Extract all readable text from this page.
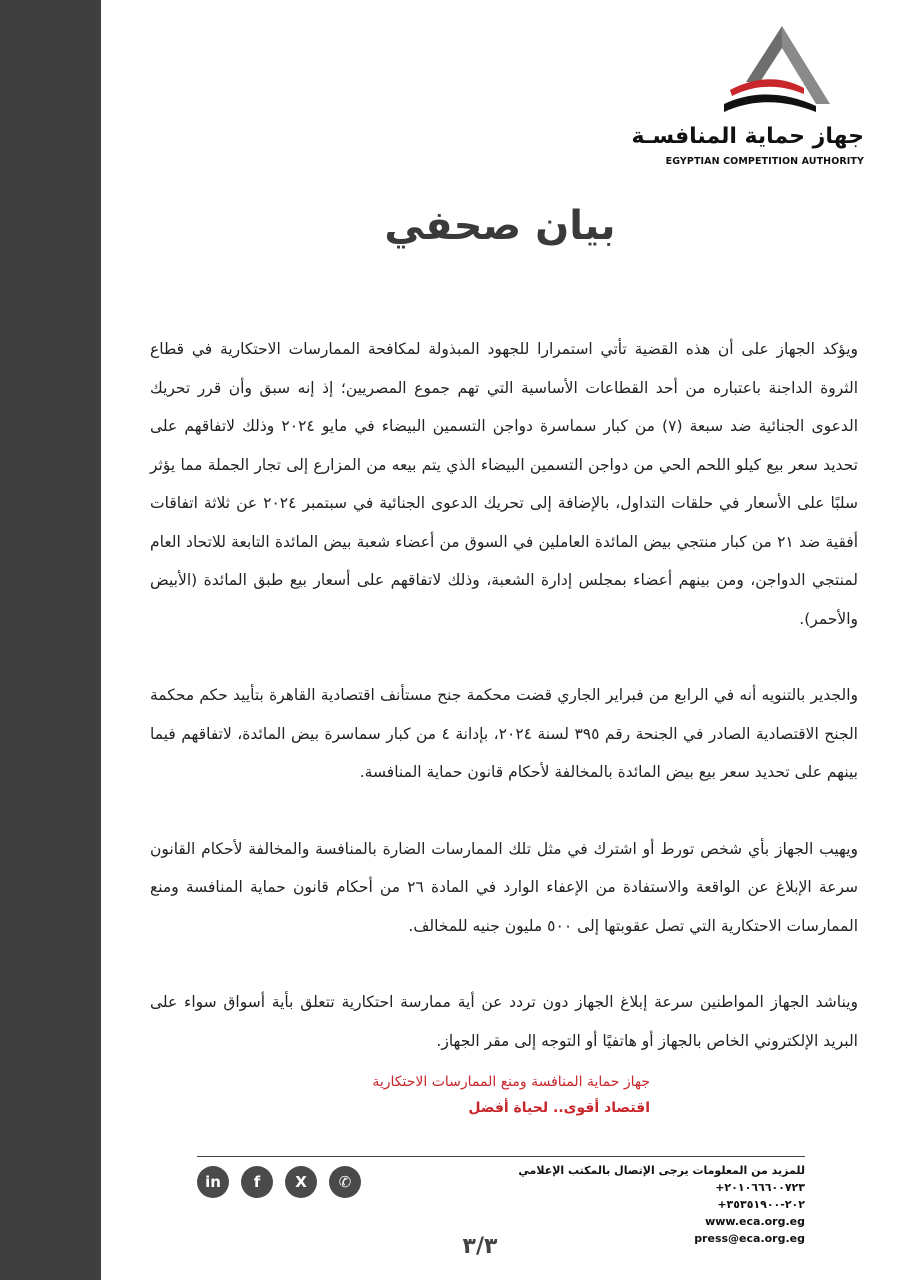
جهاز حماية المنافسـة
EGYPTIAN COMPETITION AUTHORITY
بيان صحفي

ويؤكد الجهاز على أن هذه القضية تأتي استمرارا للجهود المبذولة لمكافحة الممارسات الاحتكارية في قطاع الثروة الداجنة باعتباره من أحد القطاعات الأساسية التي تهم جموع المصريين؛ إذ إنه سبق وأن قرر تحريك الدعوى الجنائية ضد سبعة (٧) من كبار سماسرة دواجن التسمين البيضاء في مايو ٢٠٢٤ وذلك لاتفاقهم على تحديد سعر بيع كيلو اللحم الحي من دواجن التسمين البيضاء الذي يتم بيعه من المزارع إلى تجار الجملة مما يؤثر سلبًا على الأسعار في حلقات التداول، بالإضافة إلى تحريك الدعوى الجنائية في سبتمبر ٢٠٢٤ عن ثلاثة اتفاقات أفقية ضد ٢١ من كبار منتجي بيض المائدة العاملين في السوق من أعضاء شعبة بيض المائدة التابعة للاتحاد العام لمنتجي الدواجن، ومن بينهم أعضاء بمجلس إدارة الشعبة، وذلك لاتفاقهم على أسعار بيع طبق المائدة (الأبيض والأحمر).

والجدير بالتنويه أنه في الرابع من فبراير الجاري قضت محكمة جنح مستأنف اقتصادية القاهرة بتأييد حكم محكمة الجنح الاقتصادية الصادر في الجنحة رقم ٣٩٥ لسنة ٢٠٢٤، بإدانة ٤ من كبار سماسرة بيض المائدة، لاتفاقهم فيما بينهم على تحديد سعر بيع بيض المائدة بالمخالفة لأحكام قانون حماية المنافسة.

ويهيب الجهاز بأي شخص تورط أو اشترك في مثل تلك الممارسات الضارة بالمنافسة والمخالفة لأحكام القانون سرعة الإبلاغ عن الواقعة والاستفادة من الإعفاء الوارد في المادة ٢٦ من أحكام قانون حماية المنافسة ومنع الممارسات الاحتكارية التي تصل عقوبتها إلى ٥٠٠ مليون جنيه للمخالف.

ويناشد الجهاز المواطنين سرعة إبلاغ الجهاز دون تردد عن أية ممارسة احتكارية تتعلق بأية أسواق سواء على البريد الإلكتروني الخاص بالجهاز أو هاتفيًا أو التوجه إلى مقر الجهاز.

جهاز حماية المنافسة ومنع الممارسات الاحتكارية
اقتصاد أقوى.. لحياة أفضل
للمزيد من المعلومات يرجى الإتصال بالمكتب الإعلامي
+٢٠١٠٦٦٦٠٠٧٢٣
+٢٠٢-٣٥٣٥١٩٠٠
www.eca.org.eg
press@eca.org.eg
in	f	X	✆
٣/٣
